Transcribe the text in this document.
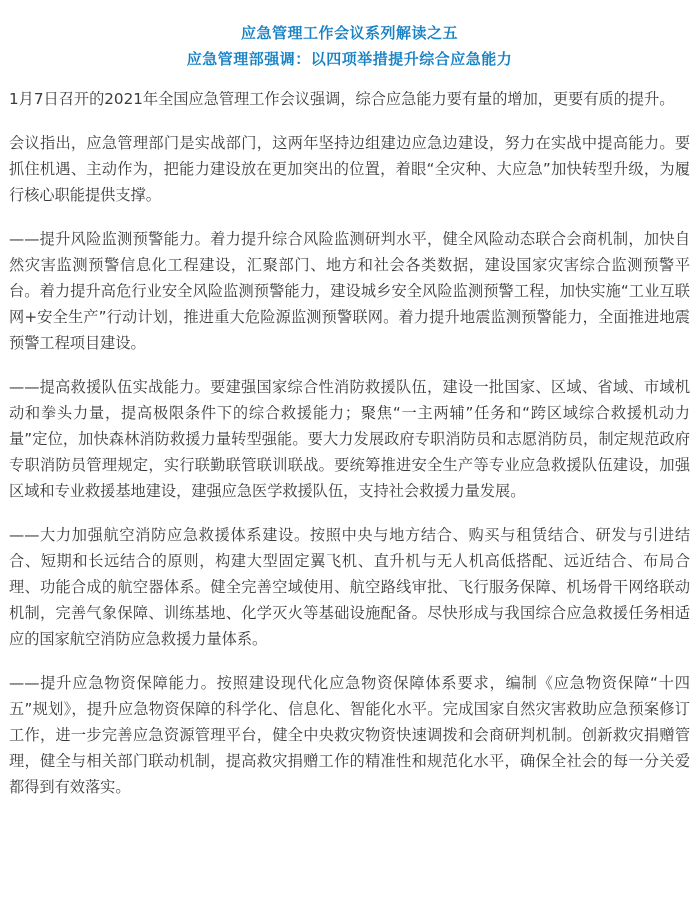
应急管理工作会议系列解读之五
应急管理部强调：以四项举措提升综合应急能力

1月7日召开的2021年全国应急管理工作会议强调，综合应急能力要有量的增加，更要有质的提升。

会议指出，应急管理部门是实战部门，这两年坚持边组建边应急边建设，努力在实战中提高能力。要抓住机遇、主动作为，把能力建设放在更加突出的位置，着眼“全灾种、大应急”加快转型升级，为履行核心职能提供支撑。

——提升风险监测预警能力。着力提升综合风险监测研判水平，健全风险动态联合会商机制，加快自然灾害监测预警信息化工程建设，汇聚部门、地方和社会各类数据，建设国家灾害综合监测预警平台。着力提升高危行业安全风险监测预警能力，建设城乡安全风险监测预警工程，加快实施“工业互联网+安全生产”行动计划，推进重大危险源监测预警联网。着力提升地震监测预警能力，全面推进地震预警工程项目建设。

——提高救援队伍实战能力。要建强国家综合性消防救援队伍，建设一批国家、区域、省域、市域机动和拳头力量，提高极限条件下的综合救援能力；聚焦“一主两辅”任务和“跨区域综合救援机动力量”定位，加快森林消防救援力量转型强能。要大力发展政府专职消防员和志愿消防员，制定规范政府专职消防员管理规定，实行联勤联管联训联战。要统筹推进安全生产等专业应急救援队伍建设，加强区域和专业救援基地建设，建强应急医学救援队伍，支持社会救援力量发展。

——大力加强航空消防应急救援体系建设。按照中央与地方结合、购买与租赁结合、研发与引进结合、短期和长远结合的原则，构建大型固定翼飞机、直升机与无人机高低搭配、远近结合、布局合理、功能合成的航空器体系。健全完善空域使用、航空路线审批、飞行服务保障、机场骨干网络联动机制，完善气象保障、训练基地、化学灭火等基础设施配备。尽快形成与我国综合应急救援任务相适应的国家航空消防应急救援力量体系。

——提升应急物资保障能力。按照建设现代化应急物资保障体系要求，编制《应急物资保障“十四五”规划》，提升应急物资保障的科学化、信息化、智能化水平。完成国家自然灾害救助应急预案修订工作，进一步完善应急资源管理平台，健全中央救灾物资快速调拨和会商研判机制。创新救灾捐赠管理，健全与相关部门联动机制，提高救灾捐赠工作的精准性和规范化水平，确保全社会的每一分关爱都得到有效落实。
